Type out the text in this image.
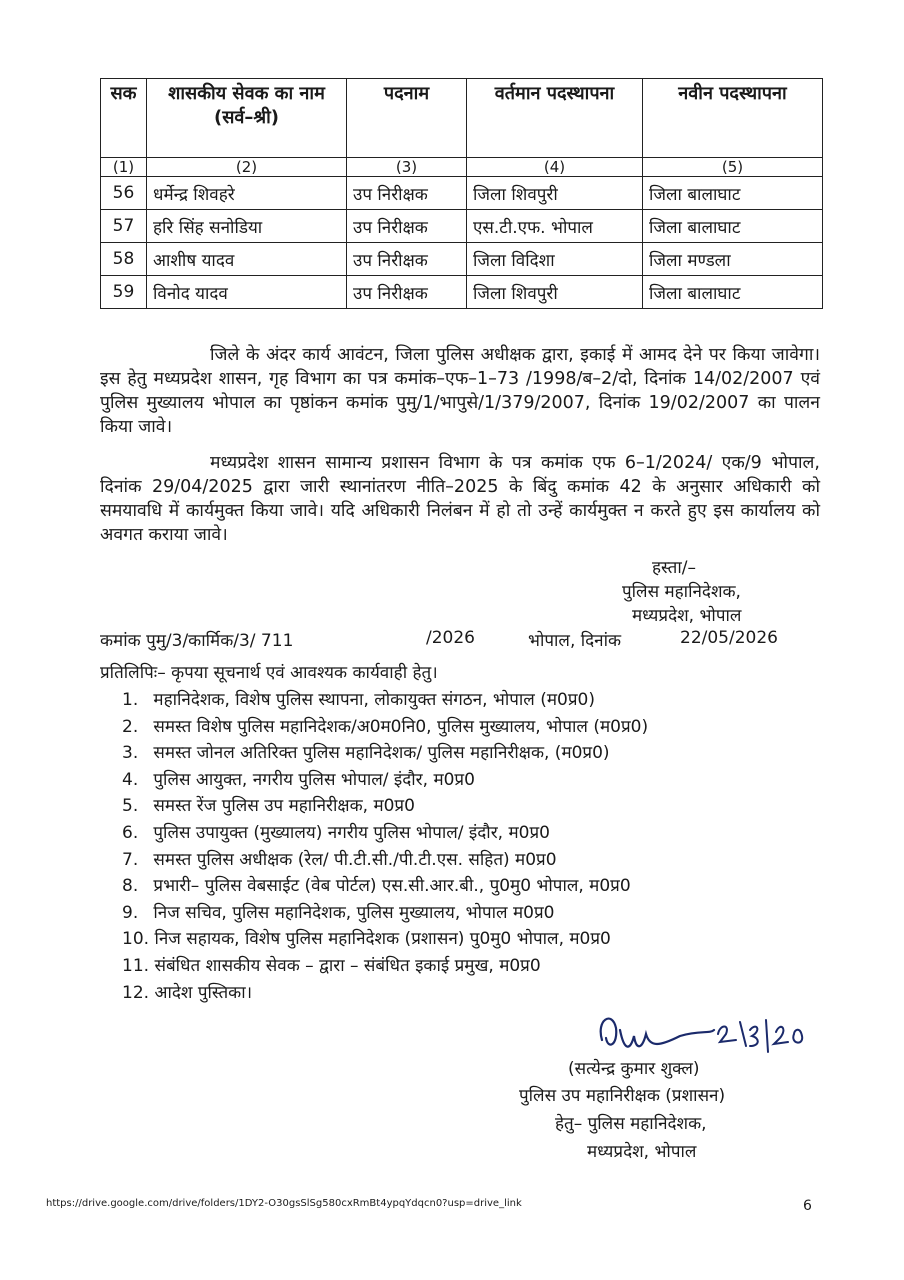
सक	शासकीय सेवक का नाम (सर्व–श्री)	पदनाम	वर्तमान पदस्थापना	नवीन पदस्थापना
(1)	(2)	(3)	(4)	(5)
56	धर्मेन्द्र शिवहरे	उप निरीक्षक	जिला शिवपुरी	जिला बालाघाट
57	हरि सिंह सनोडिया	उप निरीक्षक	एस.टी.एफ. भोपाल	जिला बालाघाट
58	आशीष यादव	उप निरीक्षक	जिला विदिशा	जिला मण्डला
59	विनोद यादव	उप निरीक्षक	जिला शिवपुरी	जिला बालाघाट
जिले के अंदर कार्य आवंटन, जिला पुलिस अधीक्षक द्वारा, इकाई में आमद देने पर किया जावेगा। इस हेतु मध्यप्रदेश शासन, गृह विभाग का पत्र कमांक–एफ–1–73 /1998/ब–2/दो, दिनांक 14/02/2007 एवं पुलिस मुख्यालय भोपाल का पृष्ठांकन कमांक पुमु/1/भापुसे/1/379/2007, दिनांक 19/02/2007 का पालन किया जावे।
मध्यप्रदेश शासन सामान्य प्रशासन विभाग के पत्र कमांक एफ 6–1/2024/ एक/9 भोपाल, दिनांक 29/04/2025 द्वारा जारी स्थानांतरण नीति–2025 के बिंदु कमांक 42 के अनुसार अधिकारी को समयावधि में कार्यमुक्त किया जावे। यदि अधिकारी निलंबन में हो तो उन्हें कार्यमुक्त न करते हुए इस कार्यालय को अवगत कराया जावे।
हस्ता/–
पुलिस महानिदेशक,
मध्यप्रदेश, भोपाल
कमांक पुमु/3/कार्मिक/3/ 711	/2026	भोपाल, दिनांक	22/05/2026
प्रतिलिपिः– कृपया सूचनार्थ एवं आवश्यक कार्यवाही हेतु।
1. महानिदेशक, विशेष पुलिस स्थापना, लोकायुक्त संगठन, भोपाल (म0प्र0)
2. समस्त विशेष पुलिस महानिदेशक/अ0म0नि0, पुलिस मुख्यालय, भोपाल (म0प्र0)
3. समस्त जोनल अतिरिक्त पुलिस महानिदेशक/ पुलिस महानिरीक्षक, (म0प्र0)
4. पुलिस आयुक्त, नगरीय पुलिस भोपाल/ इंदौर, म0प्र0
5. समस्त रेंज पुलिस उप महानिरीक्षक, म0प्र0
6. पुलिस उपायुक्त (मुख्यालय) नगरीय पुलिस भोपाल/ इंदौर, म0प्र0
7. समस्त पुलिस अधीक्षक (रेल/ पी.टी.सी./पी.टी.एस. सहित) म0प्र0
8. प्रभारी– पुलिस वेबसाईट (वेब पोर्टल) एस.सी.आर.बी., पु0मु0 भोपाल, म0प्र0
9. निज सचिव, पुलिस महानिदेशक, पुलिस मुख्यालय, भोपाल म0प्र0
10. निज सहायक, विशेष पुलिस महानिदेशक (प्रशासन) पु0मु0 भोपाल, म0प्र0
11. संबंधित शासकीय सेवक – द्वारा – संबंधित इकाई प्रमुख, म0प्र0
12. आदेश पुस्तिका।
(सत्येन्द्र कुमार शुक्ल)
पुलिस उप महानिरीक्षक (प्रशासन)
हेतु– पुलिस महानिदेशक,
मध्यप्रदेश, भोपाल
https://drive.google.com/drive/folders/1DY2-O30gsSlSg580cxRmBt4ypqYdqcn0?usp=drive_link	6
